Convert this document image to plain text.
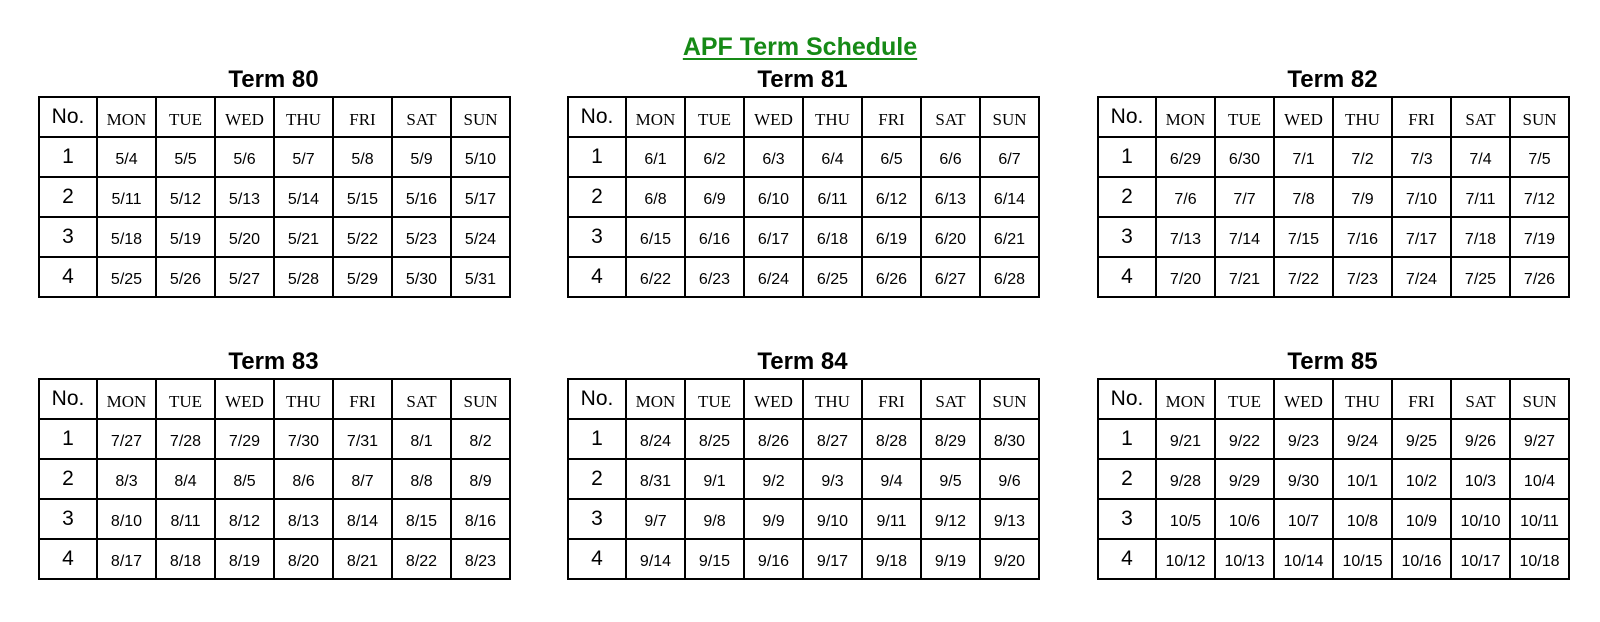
APF Term Schedule
Term 80
No.	MON	TUE	WED	THU	FRI	SAT	SUN
1	5/4	5/5	5/6	5/7	5/8	5/9	5/10
2	5/11	5/12	5/13	5/14	5/15	5/16	5/17
3	5/18	5/19	5/20	5/21	5/22	5/23	5/24
4	5/25	5/26	5/27	5/28	5/29	5/30	5/31
Term 81
No.	MON	TUE	WED	THU	FRI	SAT	SUN
1	6/1	6/2	6/3	6/4	6/5	6/6	6/7
2	6/8	6/9	6/10	6/11	6/12	6/13	6/14
3	6/15	6/16	6/17	6/18	6/19	6/20	6/21
4	6/22	6/23	6/24	6/25	6/26	6/27	6/28
Term 82
No.	MON	TUE	WED	THU	FRI	SAT	SUN
1	6/29	6/30	7/1	7/2	7/3	7/4	7/5
2	7/6	7/7	7/8	7/9	7/10	7/11	7/12
3	7/13	7/14	7/15	7/16	7/17	7/18	7/19
4	7/20	7/21	7/22	7/23	7/24	7/25	7/26
Term 83
No.	MON	TUE	WED	THU	FRI	SAT	SUN
1	7/27	7/28	7/29	7/30	7/31	8/1	8/2
2	8/3	8/4	8/5	8/6	8/7	8/8	8/9
3	8/10	8/11	8/12	8/13	8/14	8/15	8/16
4	8/17	8/18	8/19	8/20	8/21	8/22	8/23
Term 84
No.	MON	TUE	WED	THU	FRI	SAT	SUN
1	8/24	8/25	8/26	8/27	8/28	8/29	8/30
2	8/31	9/1	9/2	9/3	9/4	9/5	9/6
3	9/7	9/8	9/9	9/10	9/11	9/12	9/13
4	9/14	9/15	9/16	9/17	9/18	9/19	9/20
Term 85
No.	MON	TUE	WED	THU	FRI	SAT	SUN
1	9/21	9/22	9/23	9/24	9/25	9/26	9/27
2	9/28	9/29	9/30	10/1	10/2	10/3	10/4
3	10/5	10/6	10/7	10/8	10/9	10/10	10/11
4	10/12	10/13	10/14	10/15	10/16	10/17	10/18
